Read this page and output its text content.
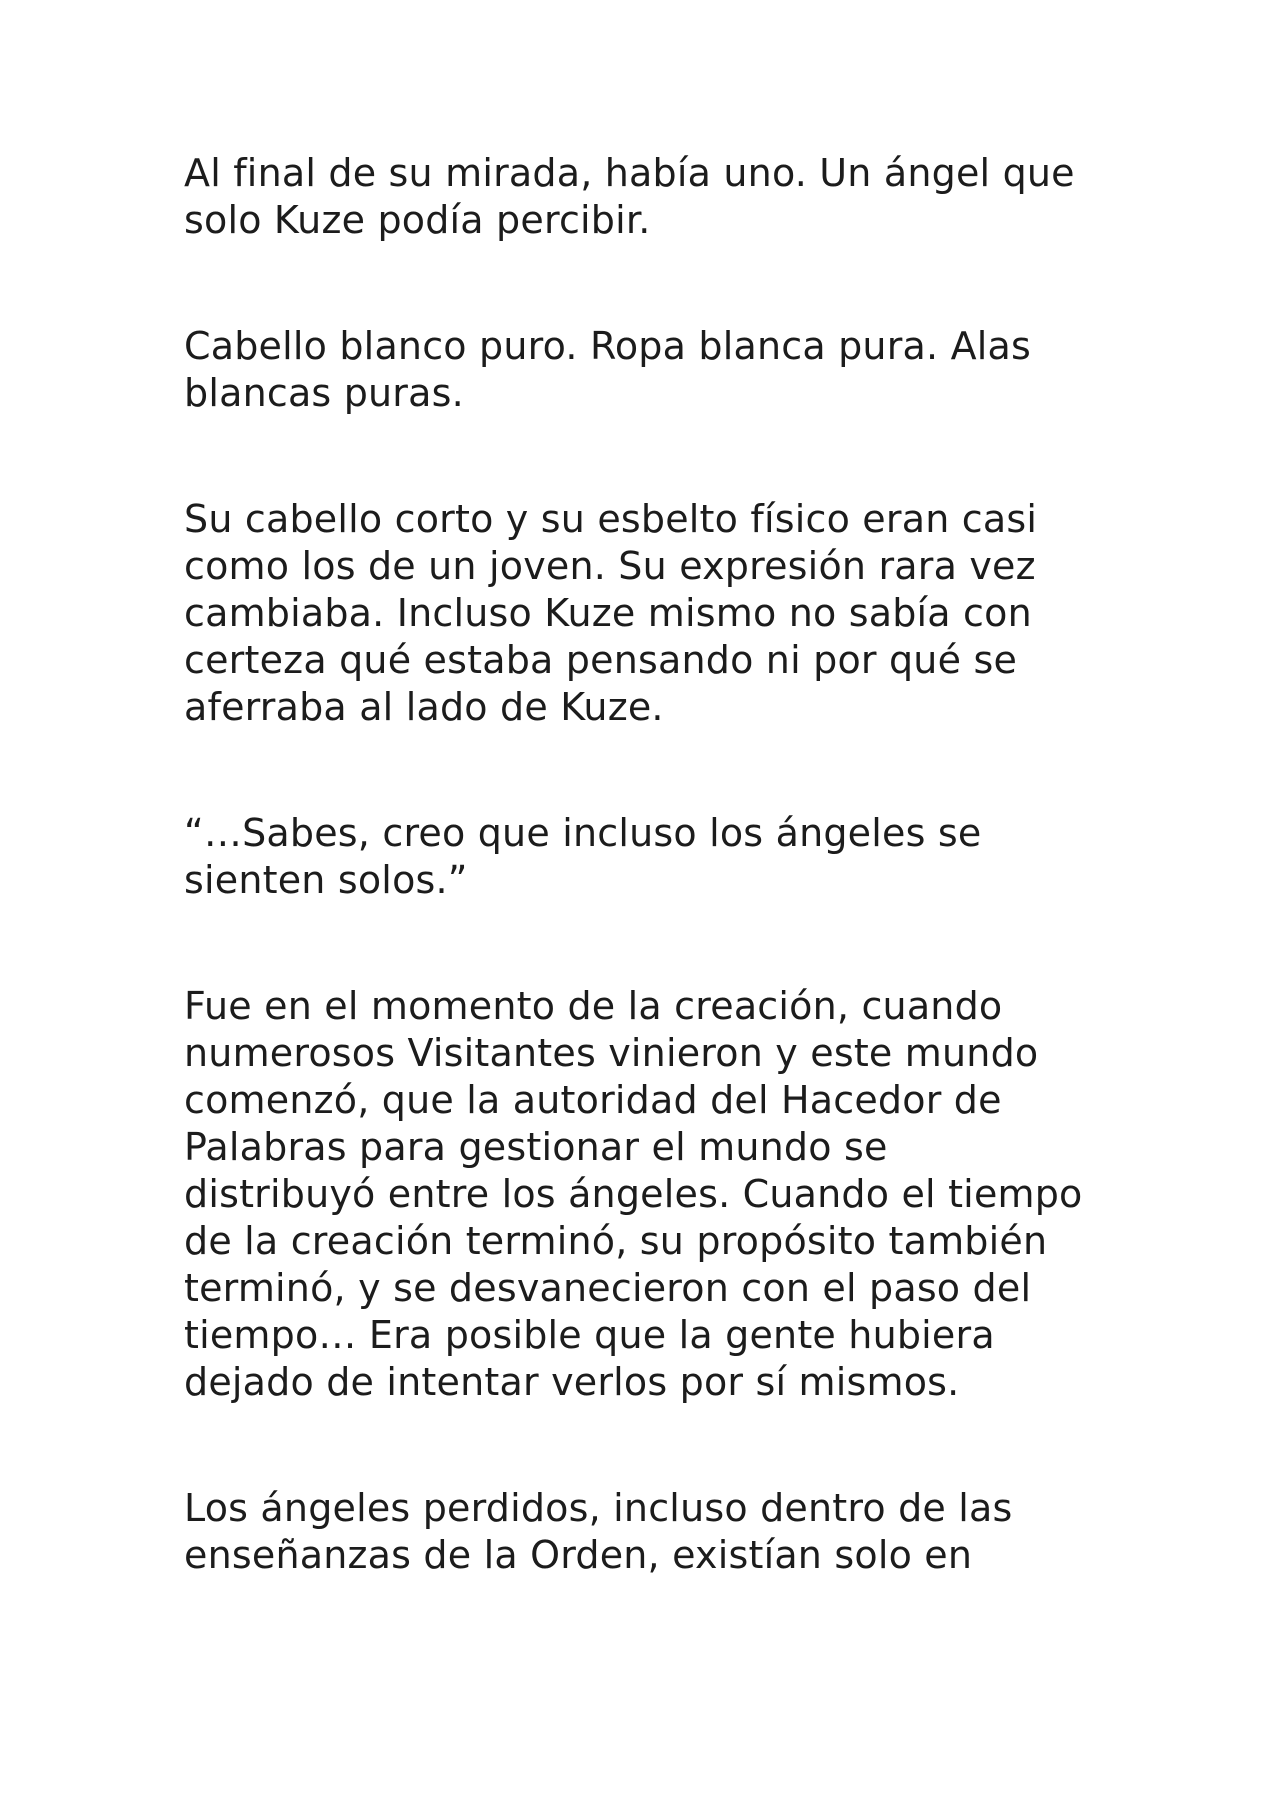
Al final de su mirada, había uno. Un ángel que
solo Kuze podía percibir.

Cabello blanco puro. Ropa blanca pura. Alas
blancas puras.

Su cabello corto y su esbelto físico eran casi
como los de un joven. Su expresión rara vez
cambiaba. Incluso Kuze mismo no sabía con
certeza qué estaba pensando ni por qué se
aferraba al lado de Kuze.

“…Sabes, creo que incluso los ángeles se
sienten solos.”

Fue en el momento de la creación, cuando
numerosos Visitantes vinieron y este mundo
comenzó, que la autoridad del Hacedor de
Palabras para gestionar el mundo se
distribuyó entre los ángeles. Cuando el tiempo
de la creación terminó, su propósito también
terminó, y se desvanecieron con el paso del
tiempo… Era posible que la gente hubiera
dejado de intentar verlos por sí mismos.

Los ángeles perdidos, incluso dentro de las
enseñanzas de la Orden, existían solo en
